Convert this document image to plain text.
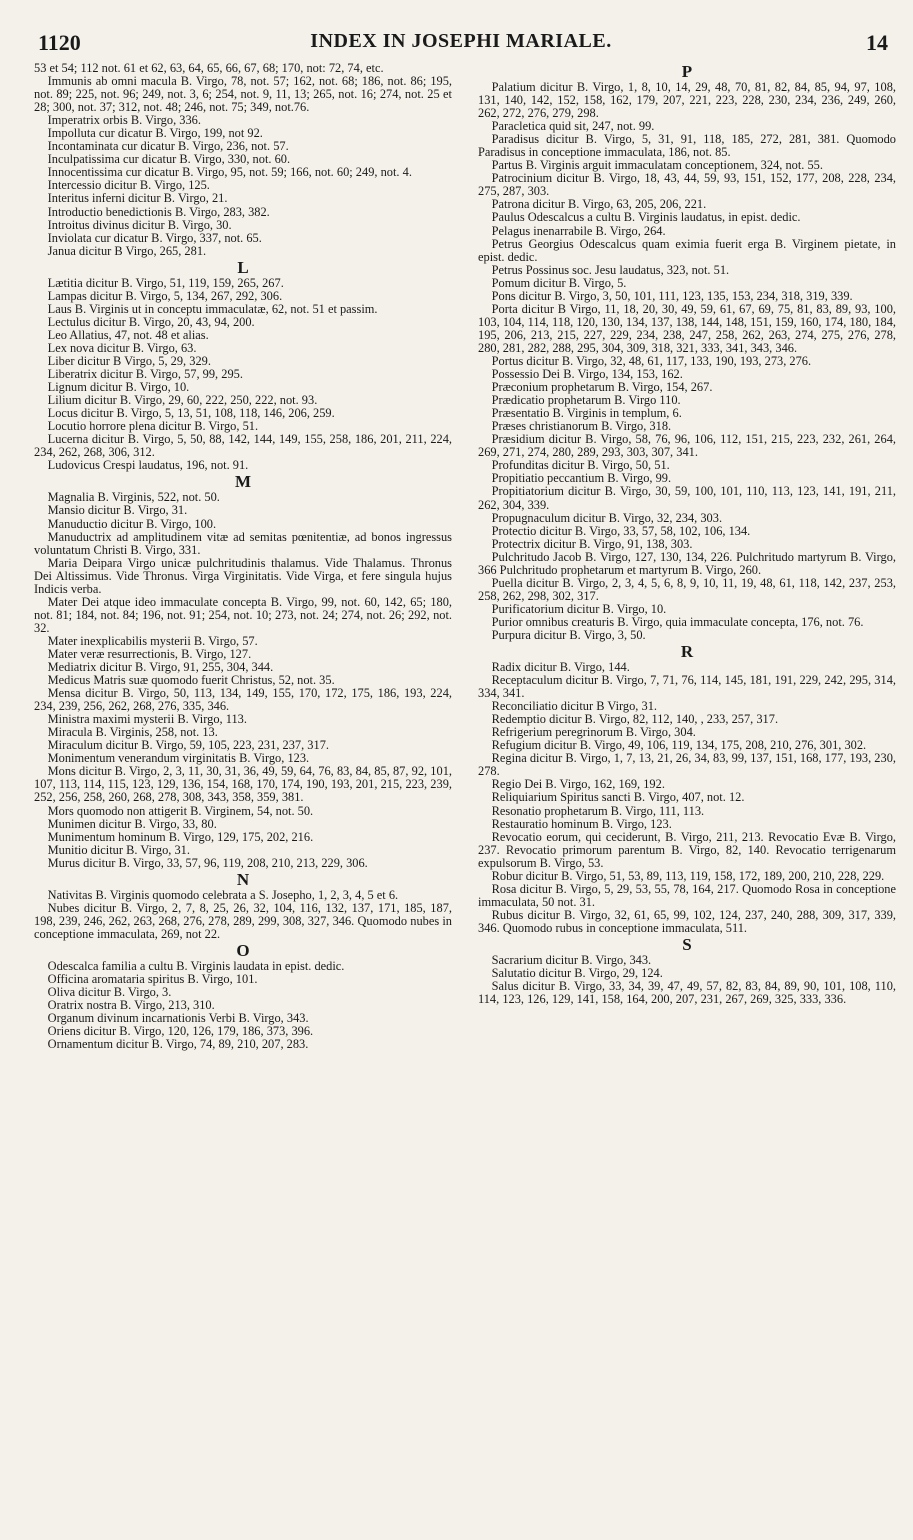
1120	INDEX IN JOSEPHI MARIALE.	14
53 et 54; 112 not. 61 et 62, 63, 64, 65, 66, 67, 68; 170, not: 72, 74, etc.
Immunis ab omni macula B. Virgo, 78, not. 57; 162, not. 68; 186, not. 86; 195, not. 89; 225, not. 96; 249, not. 3, 6; 254, not. 9, 11, 13; 265, not. 16; 274, not. 25 et 28; 300, not. 37; 312, not. 48; 246, not. 75; 349, not.76.
Imperatrix orbis B. Virgo, 336.
Impolluta cur dicatur B. Virgo, 199, not 92.
Incontaminata cur dicatur B. Virgo, 236, not. 57.
Inculpatissima cur dicatur B. Virgo, 330, not. 60.
Innocentissima cur dicatur B. Virgo, 95, not. 59; 166, not. 60; 249, not. 4.
Intercessio dicitur B. Virgo, 125.
Interitus inferni dicitur B. Virgo, 21.
Introductio benedictionis B. Virgo, 283, 382.
Introitus divinus dicitur B. Virgo, 30.
Inviolata cur dicatur B. Virgo, 337, not. 65.
Janua dicitur B Virgo, 265, 281.
L
Lætitia dicitur B. Virgo, 51, 119, 159, 265, 267.
Lampas dicitur B. Virgo, 5, 134, 267, 292, 306.
Laus B. Virginis ut in conceptu immaculatæ, 62, not. 51 et passim.
Lectulus dicitur B. Virgo, 20, 43, 94, 200.
Leo Allatius, 47, not. 48 et alias.
Lex nova dicitur B. Virgo, 63.
Liber dicitur B Virgo, 5, 29, 329.
Liberatrix dicitur B. Virgo, 57, 99, 295.
Lignum dicitur B. Virgo, 10.
Lilium dicitur B. Virgo, 29, 60, 222, 250, 222, not. 93.
Locus dicitur B. Virgo, 5, 13, 51, 108, 118, 146, 206, 259.
Locutio horrore plena dicitur B. Virgo, 51.
Lucerna dicitur B. Virgo, 5, 50, 88, 142, 144, 149, 155, 258, 186, 201, 211, 224, 234, 262, 268, 306, 312.
Ludovicus Crespi laudatus, 196, not. 91.
M
Magnalia B. Virginis, 522, not. 50.
Mansio dicitur B. Virgo, 31.
Manuductio dicitur B. Virgo, 100.
Manuductrix ad amplitudinem vitæ ad semitas pœnitentiæ, ad bonos ingressus voluntatum Christi B. Virgo, 331.
Maria Deipara Virgo unicæ pulchritudinis thalamus. Vide Thalamus. Thronus Dei Altissimus. Vide Thronus. Virga Virginitatis. Vide Virga, et fere singula hujus Indicis verba.
Mater Dei atque ideo immaculate concepta B. Virgo, 99, not. 60, 142, 65; 180, not. 81; 184, not. 84; 196, not. 91; 254, not. 10; 273, not. 24; 274, not. 26; 292, not. 32.
Mater inexplicabilis mysterii B. Virgo, 57.
Mater veræ resurrectionis, B. Virgo, 127.
Mediatrix dicitur B. Virgo, 91, 255, 304, 344.
Medicus Matris suæ quomodo fuerit Christus, 52, not. 35.
Mensa dicitur B. Virgo, 50, 113, 134, 149, 155, 170, 172, 175, 186, 193, 224, 234, 239, 256, 262, 268, 276, 335, 346.
Ministra maximi mysterii B. Virgo, 113.
Miracula B. Virginis, 258, not. 13.
Miraculum dicitur B. Virgo, 59, 105, 223, 231, 237, 317.
Monimentum venerandum virginitatis B. Virgo, 123.
Mons dicitur B. Virgo, 2, 3, 11, 30, 31, 36, 49, 59, 64, 76, 83, 84, 85, 87, 92, 101, 107, 113, 114, 115, 123, 129, 136, 154, 168, 170, 174, 190, 193, 201, 215, 223, 239, 252, 256, 258, 260, 268, 278, 308, 343, 358, 359, 381.
Mors quomodo non attigerit B. Virginem, 54, not. 50.
Munimen dicitur B. Virgo, 33, 80.
Munimentum hominum B. Virgo, 129, 175, 202, 216.
Munitio dicitur B. Virgo, 31.
Murus dicitur B. Virgo, 33, 57, 96, 119, 208, 210, 213, 229, 306.
N
Nativitas B. Virginis quomodo celebrata a S. Josepho, 1, 2, 3, 4, 5 et 6.
Nubes dicitur B. Virgo, 2, 7, 8, 25, 26, 32, 104, 116, 132, 137, 171, 185, 187, 198, 239, 246, 262, 263, 268, 276, 278, 289, 299, 308, 327, 346. Quomodo nubes in conceptione immaculata, 269, not 22.
O
Odescalca familia a cultu B. Virginis laudata in epist. dedic.
Officina aromataria spiritus B. Virgo, 101.
Oliva dicitur B. Virgo, 3.
Oratrix nostra B. Virgo, 213, 310.
Organum divinum incarnationis Verbi B. Virgo, 343.
Oriens dicitur B. Virgo, 120, 126, 179, 186, 373, 396.
Ornamentum dicitur B. Virgo, 74, 89, 210, 207, 283.
P
Palatium dicitur B. Virgo, 1, 8, 10, 14, 29, 48, 70, 81, 82, 84, 85, 94, 97, 108, 131, 140, 142, 152, 158, 162, 179, 207, 221, 223, 228, 230, 234, 236, 249, 260, 262, 272, 276, 279, 298.
Paracletica quid sit, 247, not. 99.
Paradisus dicitur B. Virgo, 5, 31, 91, 118, 185, 272, 281, 381. Quomodo Paradisus in conceptione immaculata, 186, not. 85.
Partus B. Virginis arguit immaculatam conceptionem, 324, not. 55.
Patrocinium dicitur B. Virgo, 18, 43, 44, 59, 93, 151, 152, 177, 208, 228, 234, 275, 287, 303.
Patrona dicitur B. Virgo, 63, 205, 206, 221.
Paulus Odescalcus a cultu B. Virginis laudatus, in epist. dedic.
Pelagus inenarrabile B. Virgo, 264.
Petrus Georgius Odescalcus quam eximia fuerit erga B. Virginem pietate, in epist. dedic.
Petrus Possinus soc. Jesu laudatus, 323, not. 51.
Pomum dicitur B. Virgo, 5.
Pons dicitur B. Virgo, 3, 50, 101, 111, 123, 135, 153, 234, 318, 319, 339.
Porta dicitur B Virgo, 11, 18, 20, 30, 49, 59, 61, 67, 69, 75, 81, 83, 89, 93, 100, 103, 104, 114, 118, 120, 130, 134, 137, 138, 144, 148, 151, 159, 160, 174, 180, 184, 195, 206, 213, 215, 227, 229, 234, 238, 247, 258, 262, 263, 274, 275, 276, 278, 280, 281, 282, 288, 295, 304, 309, 318, 321, 333, 341, 343, 346.
Portus dicitur B. Virgo, 32, 48, 61, 117, 133, 190, 193, 273, 276.
Possessio Dei B. Virgo, 134, 153, 162.
Præconium prophetarum B. Virgo, 154, 267.
Prædicatio prophetarum B. Virgo 110.
Præsentatio B. Virginis in templum, 6.
Præses christianorum B. Virgo, 318.
Præsidium dicitur B. Virgo, 58, 76, 96, 106, 112, 151, 215, 223, 232, 261, 264, 269, 271, 274, 280, 289, 293, 303, 307, 341.
Profunditas dicitur B. Virgo, 50, 51.
Propitiatio peccantium B. Virgo, 99.
Propitiatorium dicitur B. Virgo, 30, 59, 100, 101, 110, 113, 123, 141, 191, 211, 262, 304, 339.
Propugnaculum dicitur B. Virgo, 32, 234, 303.
Protectio dicitur B. Virgo, 33, 57, 58, 102, 106, 134.
Protectrix dicitur B. Virgo, 91, 138, 303.
Pulchritudo Jacob B. Virgo, 127, 130, 134, 226. Pulchritudo martyrum B. Virgo, 366 Pulchritudo prophetarum et martyrum B. Virgo, 260.
Puella dicitur B. Virgo, 2, 3, 4, 5, 6, 8, 9, 10, 11, 19, 48, 61, 118, 142, 237, 253, 258, 262, 298, 302, 317.
Purificatorium dicitur B. Virgo, 10.
Purior omnibus creaturis B. Virgo, quia immaculate concepta, 176, not. 76.
Purpura dicitur B. Virgo, 3, 50.
R
Radix dicitur B. Virgo, 144.
Receptaculum dicitur B. Virgo, 7, 71, 76, 114, 145, 181, 191, 229, 242, 295, 314, 334, 341.
Reconciliatio dicitur B Virgo, 31.
Redemptio dicitur B. Virgo, 82, 112, 140, , 233, 257, 317.
Refrigerium peregrinorum B. Virgo, 304.
Refugium dicitur B. Virgo, 49, 106, 119, 134, 175, 208, 210, 276, 301, 302.
Regina dicitur B. Virgo, 1, 7, 13, 21, 26, 34, 83, 99, 137, 151, 168, 177, 193, 230, 278.
Regio Dei B. Virgo, 162, 169, 192.
Reliquiarium Spiritus sancti B. Virgo, 407, not. 12.
Resonatio prophetarum B. Virgo, 111, 113.
Restauratio hominum B. Virgo, 123.
Revocatio eorum, qui ceciderunt, B. Virgo, 211, 213. Revocatio Evæ B. Virgo, 237. Revocatio primorum parentum B. Virgo, 82, 140. Revocatio terrigenarum expulsorum B. Virgo, 53.
Robur dicitur B. Virgo, 51, 53, 89, 113, 119, 158, 172, 189, 200, 210, 228, 229.
Rosa dicitur B. Virgo, 5, 29, 53, 55, 78, 164, 217. Quomodo Rosa in conceptione immaculata, 50 not. 31.
Rubus dicitur B. Virgo, 32, 61, 65, 99, 102, 124, 237, 240, 288, 309, 317, 339, 346. Quomodo rubus in conceptione immaculata, 511.
S
Sacrarium dicitur B. Virgo, 343.
Salutatio dicitur B. Virgo, 29, 124.
Salus dicitur B. Virgo, 33, 34, 39, 47, 49, 57, 82, 83, 84, 89, 90, 101, 108, 110, 114, 123, 126, 129, 141, 158, 164, 200, 207, 231, 267, 269, 325, 333, 336.
